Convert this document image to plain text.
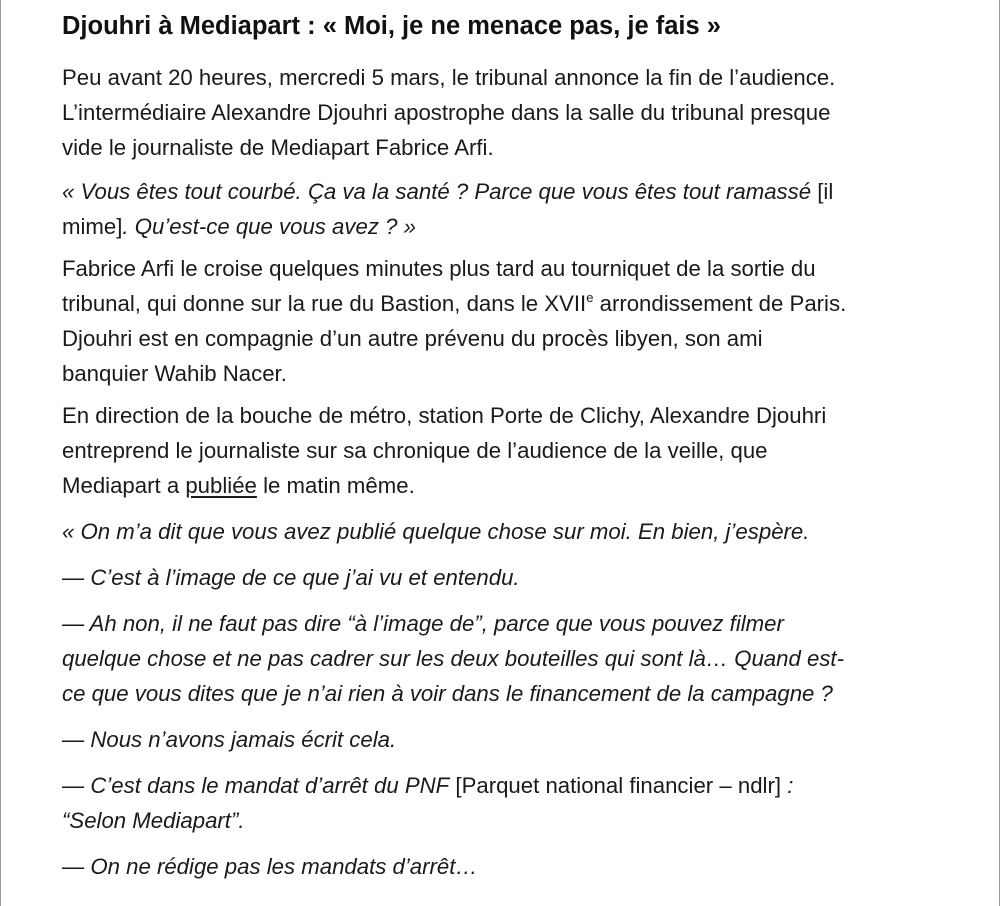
Djouhri à Mediapart : « Moi, je ne menace pas, je fais »

Peu avant 20 heures, mercredi 5 mars, le tribunal annonce la fin de l’audience.
L’intermédiaire Alexandre Djouhri apostrophe dans la salle du tribunal presque
vide le journaliste de Mediapart Fabrice Arfi.

« Vous êtes tout courbé. Ça va la santé ? Parce que vous êtes tout ramassé [il
mime]. Qu’est-ce que vous avez ? »

Fabrice Arfi le croise quelques minutes plus tard au tourniquet de la sortie du
tribunal, qui donne sur la rue du Bastion, dans le XVIIe arrondissement de Paris.
Djouhri est en compagnie d’un autre prévenu du procès libyen, son ami
banquier Wahib Nacer.

En direction de la bouche de métro, station Porte de Clichy, Alexandre Djouhri
entreprend le journaliste sur sa chronique de l’audience de la veille, que
Mediapart a publiée le matin même.

« On m’a dit que vous avez publié quelque chose sur moi. En bien, j’espère.

— C’est à l’image de ce que j’ai vu et entendu.

— Ah non, il ne faut pas dire “à l’image de”, parce que vous pouvez filmer
quelque chose et ne pas cadrer sur les deux bouteilles qui sont là… Quand est-
ce que vous dites que je n’ai rien à voir dans le financement de la campagne ?

— Nous n’avons jamais écrit cela.

— C’est dans le mandat d’arrêt du PNF [Parquet national financier – ndlr] :
“Selon Mediapart”.

— On ne rédige pas les mandats d’arrêt…
